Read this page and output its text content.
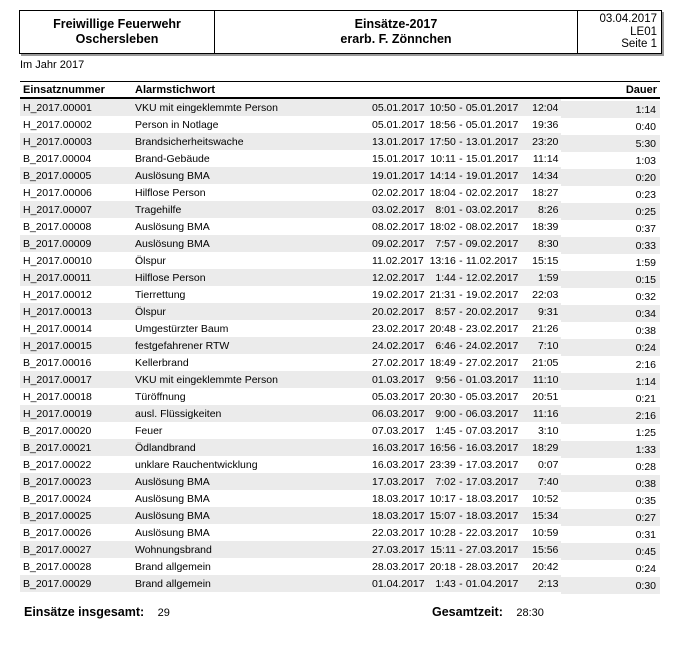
Freiwillige Feuerwehr
Oschersleben
Einsätze-2017
erarb. F. Zönnchen
03.04.2017
LE01
Seite 1
Im Jahr 2017
Einsatznummer	Alarmstichwort						Dauer
H_2017.00001	VKU mit eingeklemmte Person	05.01.2017	10:50	-	05.01.2017	12:04	1:14
H_2017.00002	Person in Notlage	05.01.2017	18:56	-	05.01.2017	19:36	0:40
H_2017.00003	Brandsicherheitswache	13.01.2017	17:50	-	13.01.2017	23:20	5:30
B_2017.00004	Brand-Gebäude	15.01.2017	10:11	-	15.01.2017	11:14	1:03
B_2017.00005	Auslösung BMA	19.01.2017	14:14	-	19.01.2017	14:34	0:20
H_2017.00006	Hilflose Person	02.02.2017	18:04	-	02.02.2017	18:27	0:23
H_2017.00007	Tragehilfe	03.02.2017	8:01	-	03.02.2017	8:26	0:25
B_2017.00008	Auslösung BMA	08.02.2017	18:02	-	08.02.2017	18:39	0:37
B_2017.00009	Auslösung BMA	09.02.2017	7:57	-	09.02.2017	8:30	0:33
H_2017.00010	Ölspur	11.02.2017	13:16	-	11.02.2017	15:15	1:59
H_2017.00011	Hilflose Person	12.02.2017	1:44	-	12.02.2017	1:59	0:15
H_2017.00012	Tierrettung	19.02.2017	21:31	-	19.02.2017	22:03	0:32
H_2017.00013	Ölspur	20.02.2017	8:57	-	20.02.2017	9:31	0:34
H_2017.00014	Umgestürzter Baum	23.02.2017	20:48	-	23.02.2017	21:26	0:38
H_2017.00015	festgefahrener RTW	24.02.2017	6:46	-	24.02.2017	7:10	0:24
B_2017.00016	Kellerbrand	27.02.2017	18:49	-	27.02.2017	21:05	2:16
H_2017.00017	VKU mit eingeklemmte Person	01.03.2017	9:56	-	01.03.2017	11:10	1:14
H_2017.00018	Türöffnung	05.03.2017	20:30	-	05.03.2017	20:51	0:21
H_2017.00019	ausl. Flüssigkeiten	06.03.2017	9:00	-	06.03.2017	11:16	2:16
B_2017.00020	Feuer	07.03.2017	1:45	-	07.03.2017	3:10	1:25
B_2017.00021	Ödlandbrand	16.03.2017	16:56	-	16.03.2017	18:29	1:33
B_2017.00022	unklare Rauchentwicklung	16.03.2017	23:39	-	17.03.2017	0:07	0:28
B_2017.00023	Auslösung BMA	17.03.2017	7:02	-	17.03.2017	7:40	0:38
B_2017.00024	Auslösung BMA	18.03.2017	10:17	-	18.03.2017	10:52	0:35
B_2017.00025	Auslösung BMA	18.03.2017	15:07	-	18.03.2017	15:34	0:27
B_2017.00026	Auslösung BMA	22.03.2017	10:28	-	22.03.2017	10:59	0:31
B_2017.00027	Wohnungsbrand	27.03.2017	15:11	-	27.03.2017	15:56	0:45
B_2017.00028	Brand allgemein	28.03.2017	20:18	-	28.03.2017	20:42	0:24
B_2017.00029	Brand allgemein	01.04.2017	1:43	-	01.04.2017	2:13	0:30
Einsätze insgesamt: 29	Gesamtzeit: 28:30
